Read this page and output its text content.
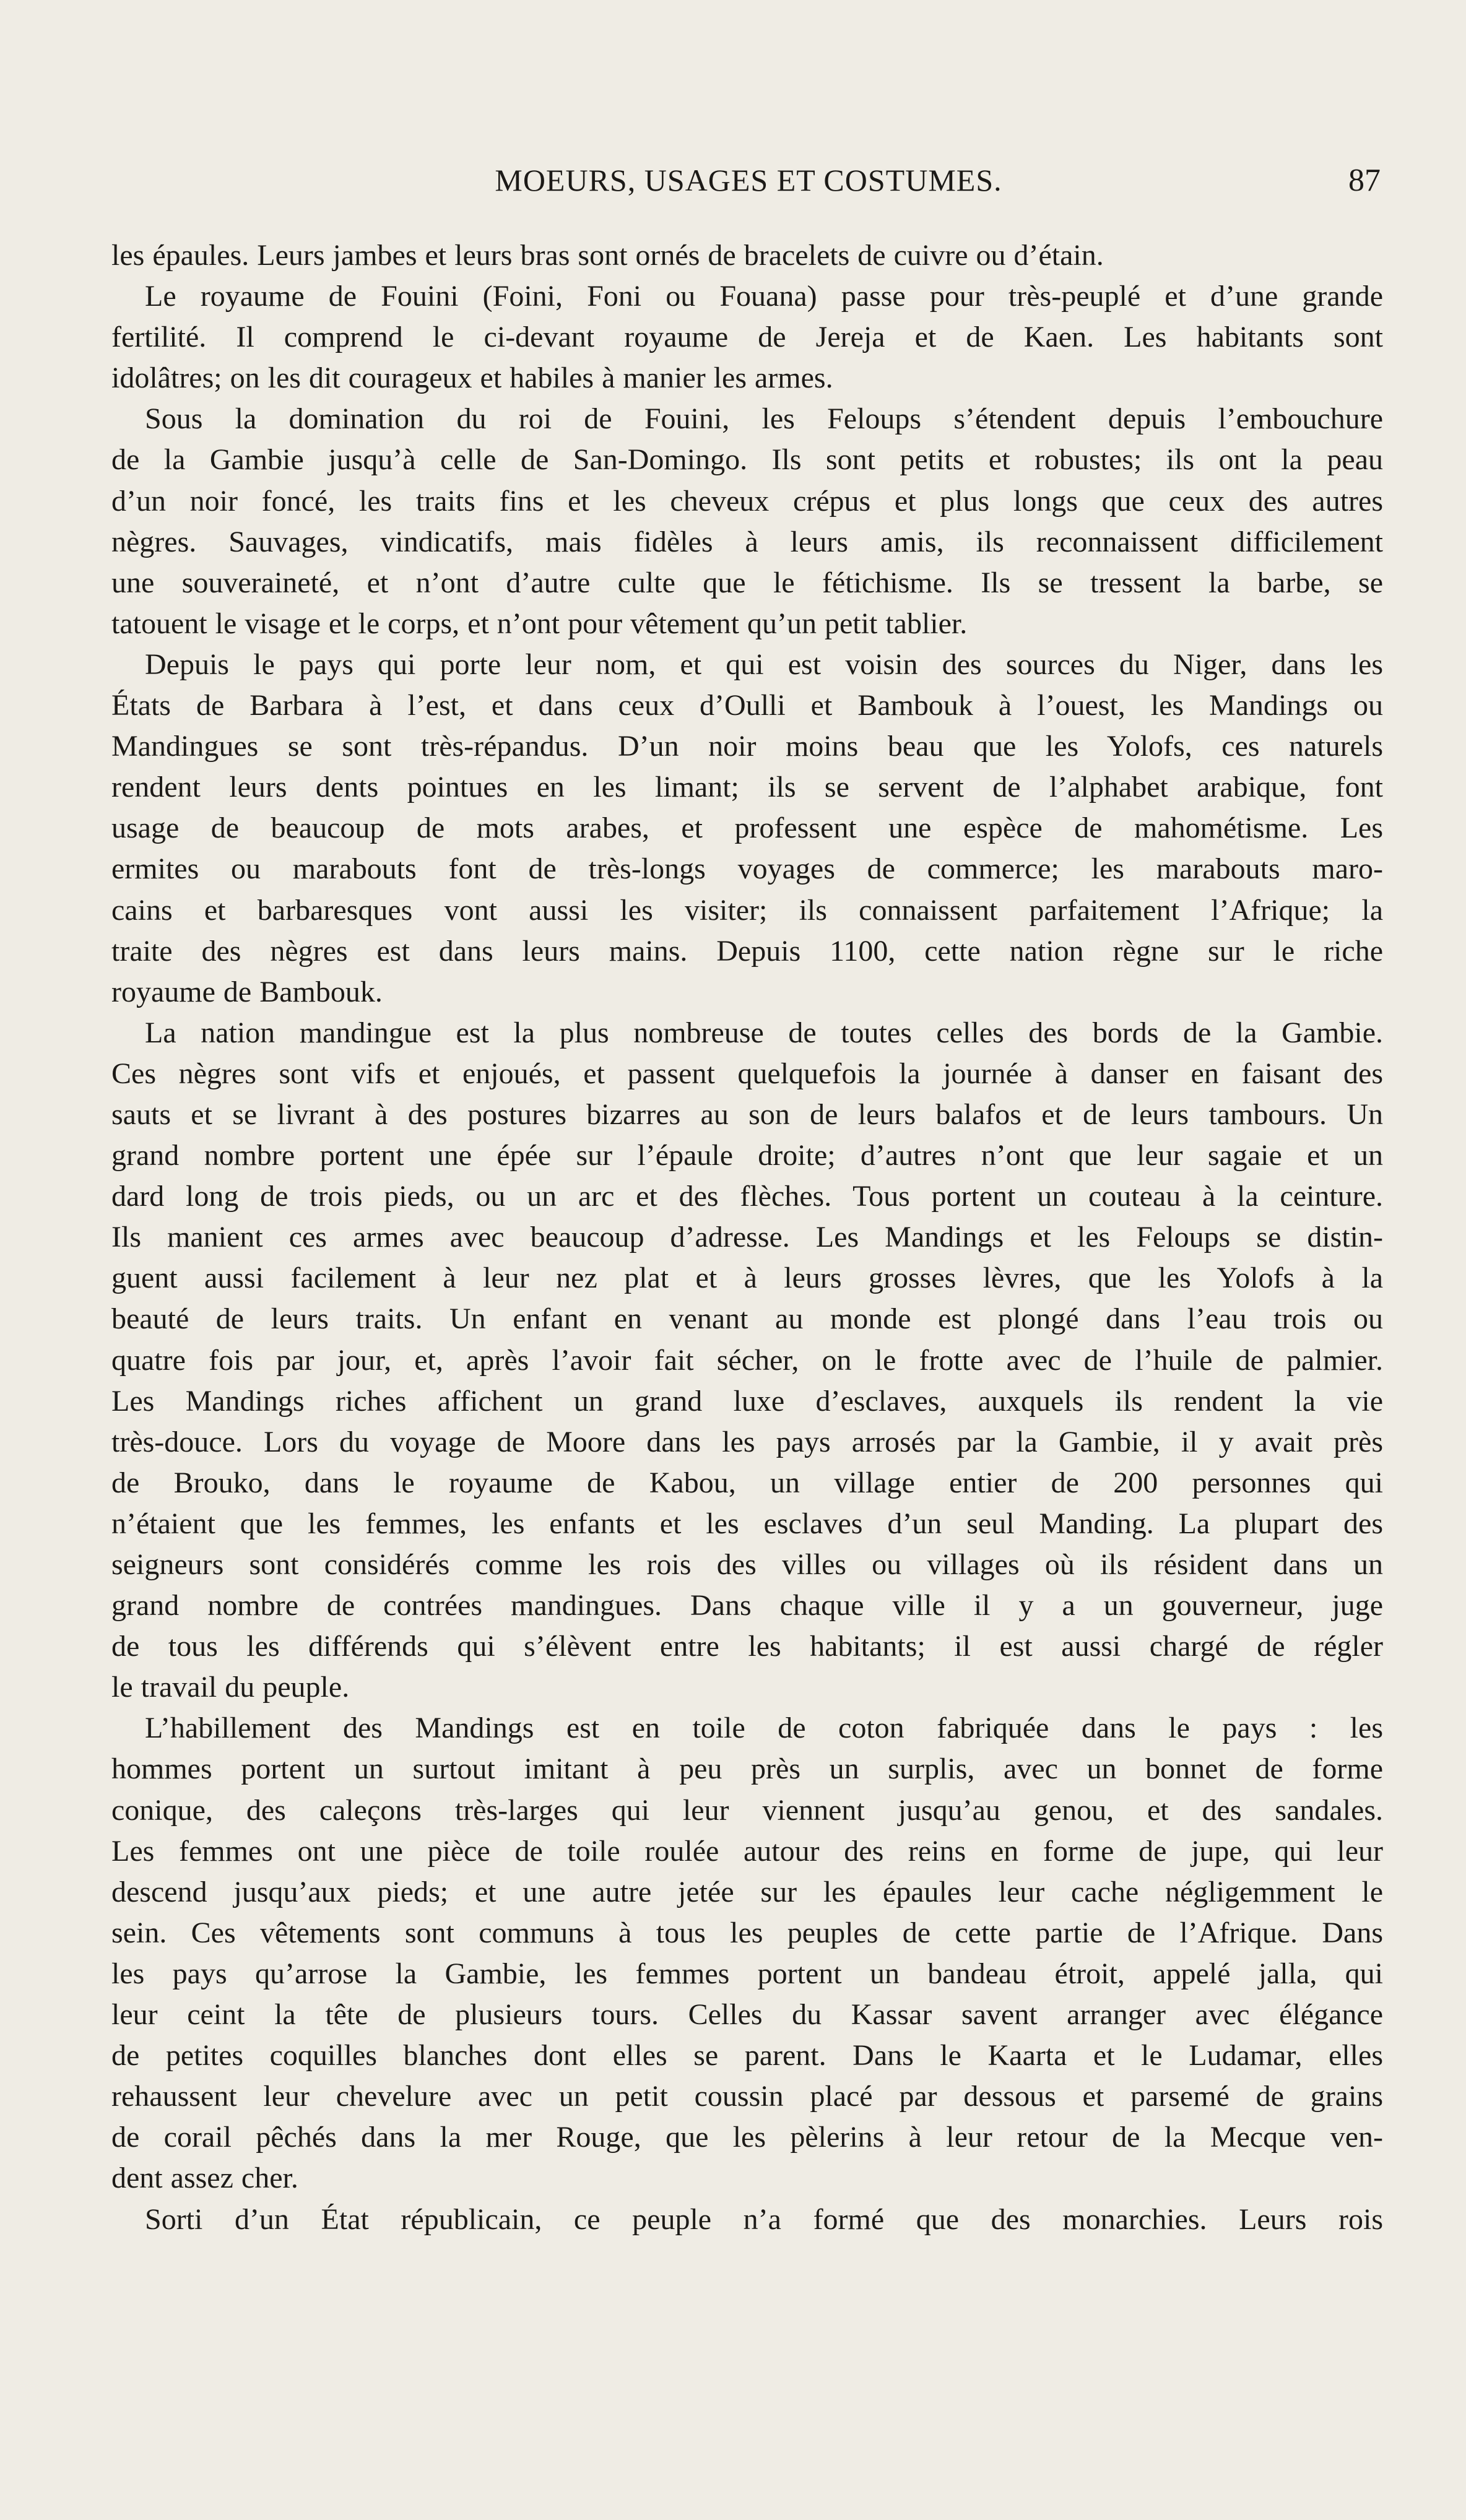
MOEURS, USAGES ET COSTUMES.	87
les épaules. Leurs jambes et leurs bras sont ornés de bracelets de cuivre ou d’étain.
Le royaume de Fouini (Foini, Foni ou Fouana) passe pour très-peuplé et d’une grande
fertilité. Il comprend le ci-devant royaume de Jereja et de Kaen. Les habitants sont
idolâtres; on les dit courageux et habiles à manier les armes.
Sous la domination du roi de Fouini, les Feloups s’étendent depuis l’embouchure
de la Gambie jusqu’à celle de San-Domingo. Ils sont petits et robustes; ils ont la peau
d’un noir foncé, les traits fins et les cheveux crépus et plus longs que ceux des autres
nègres. Sauvages, vindicatifs, mais fidèles à leurs amis, ils reconnaissent difficilement
une souveraineté, et n’ont d’autre culte que le fétichisme. Ils se tressent la barbe, se
tatouent le visage et le corps, et n’ont pour vêtement qu’un petit tablier.
Depuis le pays qui porte leur nom, et qui est voisin des sources du Niger, dans les
États de Barbara à l’est, et dans ceux d’Oulli et Bambouk à l’ouest, les Mandings ou
Mandingues se sont très-répandus. D’un noir moins beau que les Yolofs, ces naturels
rendent leurs dents pointues en les limant; ils se servent de l’alphabet arabique, font
usage de beaucoup de mots arabes, et professent une espèce de mahométisme. Les
ermites ou marabouts font de très-longs voyages de commerce; les marabouts maro-
cains et barbaresques vont aussi les visiter; ils connaissent parfaitement l’Afrique; la
traite des nègres est dans leurs mains. Depuis 1100, cette nation règne sur le riche
royaume de Bambouk.
La nation mandingue est la plus nombreuse de toutes celles des bords de la Gambie.
Ces nègres sont vifs et enjoués, et passent quelquefois la journée à danser en faisant des
sauts et se livrant à des postures bizarres au son de leurs balafos et de leurs tambours. Un
grand nombre portent une épée sur l’épaule droite; d’autres n’ont que leur sagaie et un
dard long de trois pieds, ou un arc et des flèches. Tous portent un couteau à la ceinture.
Ils manient ces armes avec beaucoup d’adresse. Les Mandings et les Feloups se distin-
guent aussi facilement à leur nez plat et à leurs grosses lèvres, que les Yolofs à la
beauté de leurs traits. Un enfant en venant au monde est plongé dans l’eau trois ou
quatre fois par jour, et, après l’avoir fait sécher, on le frotte avec de l’huile de palmier.
Les Mandings riches affichent un grand luxe d’esclaves, auxquels ils rendent la vie
très-douce. Lors du voyage de Moore dans les pays arrosés par la Gambie, il y avait près
de Brouko, dans le royaume de Kabou, un village entier de 200 personnes qui
n’étaient que les femmes, les enfants et les esclaves d’un seul Manding. La plupart des
seigneurs sont considérés comme les rois des villes ou villages où ils résident dans un
grand nombre de contrées mandingues. Dans chaque ville il y a un gouverneur, juge
de tous les différends qui s’élèvent entre les habitants; il est aussi chargé de régler
le travail du peuple.
L’habillement des Mandings est en toile de coton fabriquée dans le pays : les
hommes portent un surtout imitant à peu près un surplis, avec un bonnet de forme
conique, des caleçons très-larges qui leur viennent jusqu’au genou, et des sandales.
Les femmes ont une pièce de toile roulée autour des reins en forme de jupe, qui leur
descend jusqu’aux pieds; et une autre jetée sur les épaules leur cache négligemment le
sein. Ces vêtements sont communs à tous les peuples de cette partie de l’Afrique. Dans
les pays qu’arrose la Gambie, les femmes portent un bandeau étroit, appelé jalla, qui
leur ceint la tête de plusieurs tours. Celles du Kassar savent arranger avec élégance
de petites coquilles blanches dont elles se parent. Dans le Kaarta et le Ludamar, elles
rehaussent leur chevelure avec un petit coussin placé par dessous et parsemé de grains
de corail pêchés dans la mer Rouge, que les pèlerins à leur retour de la Mecque ven-
dent assez cher.
Sorti d’un État républicain, ce peuple n’a formé que des monarchies. Leurs rois
